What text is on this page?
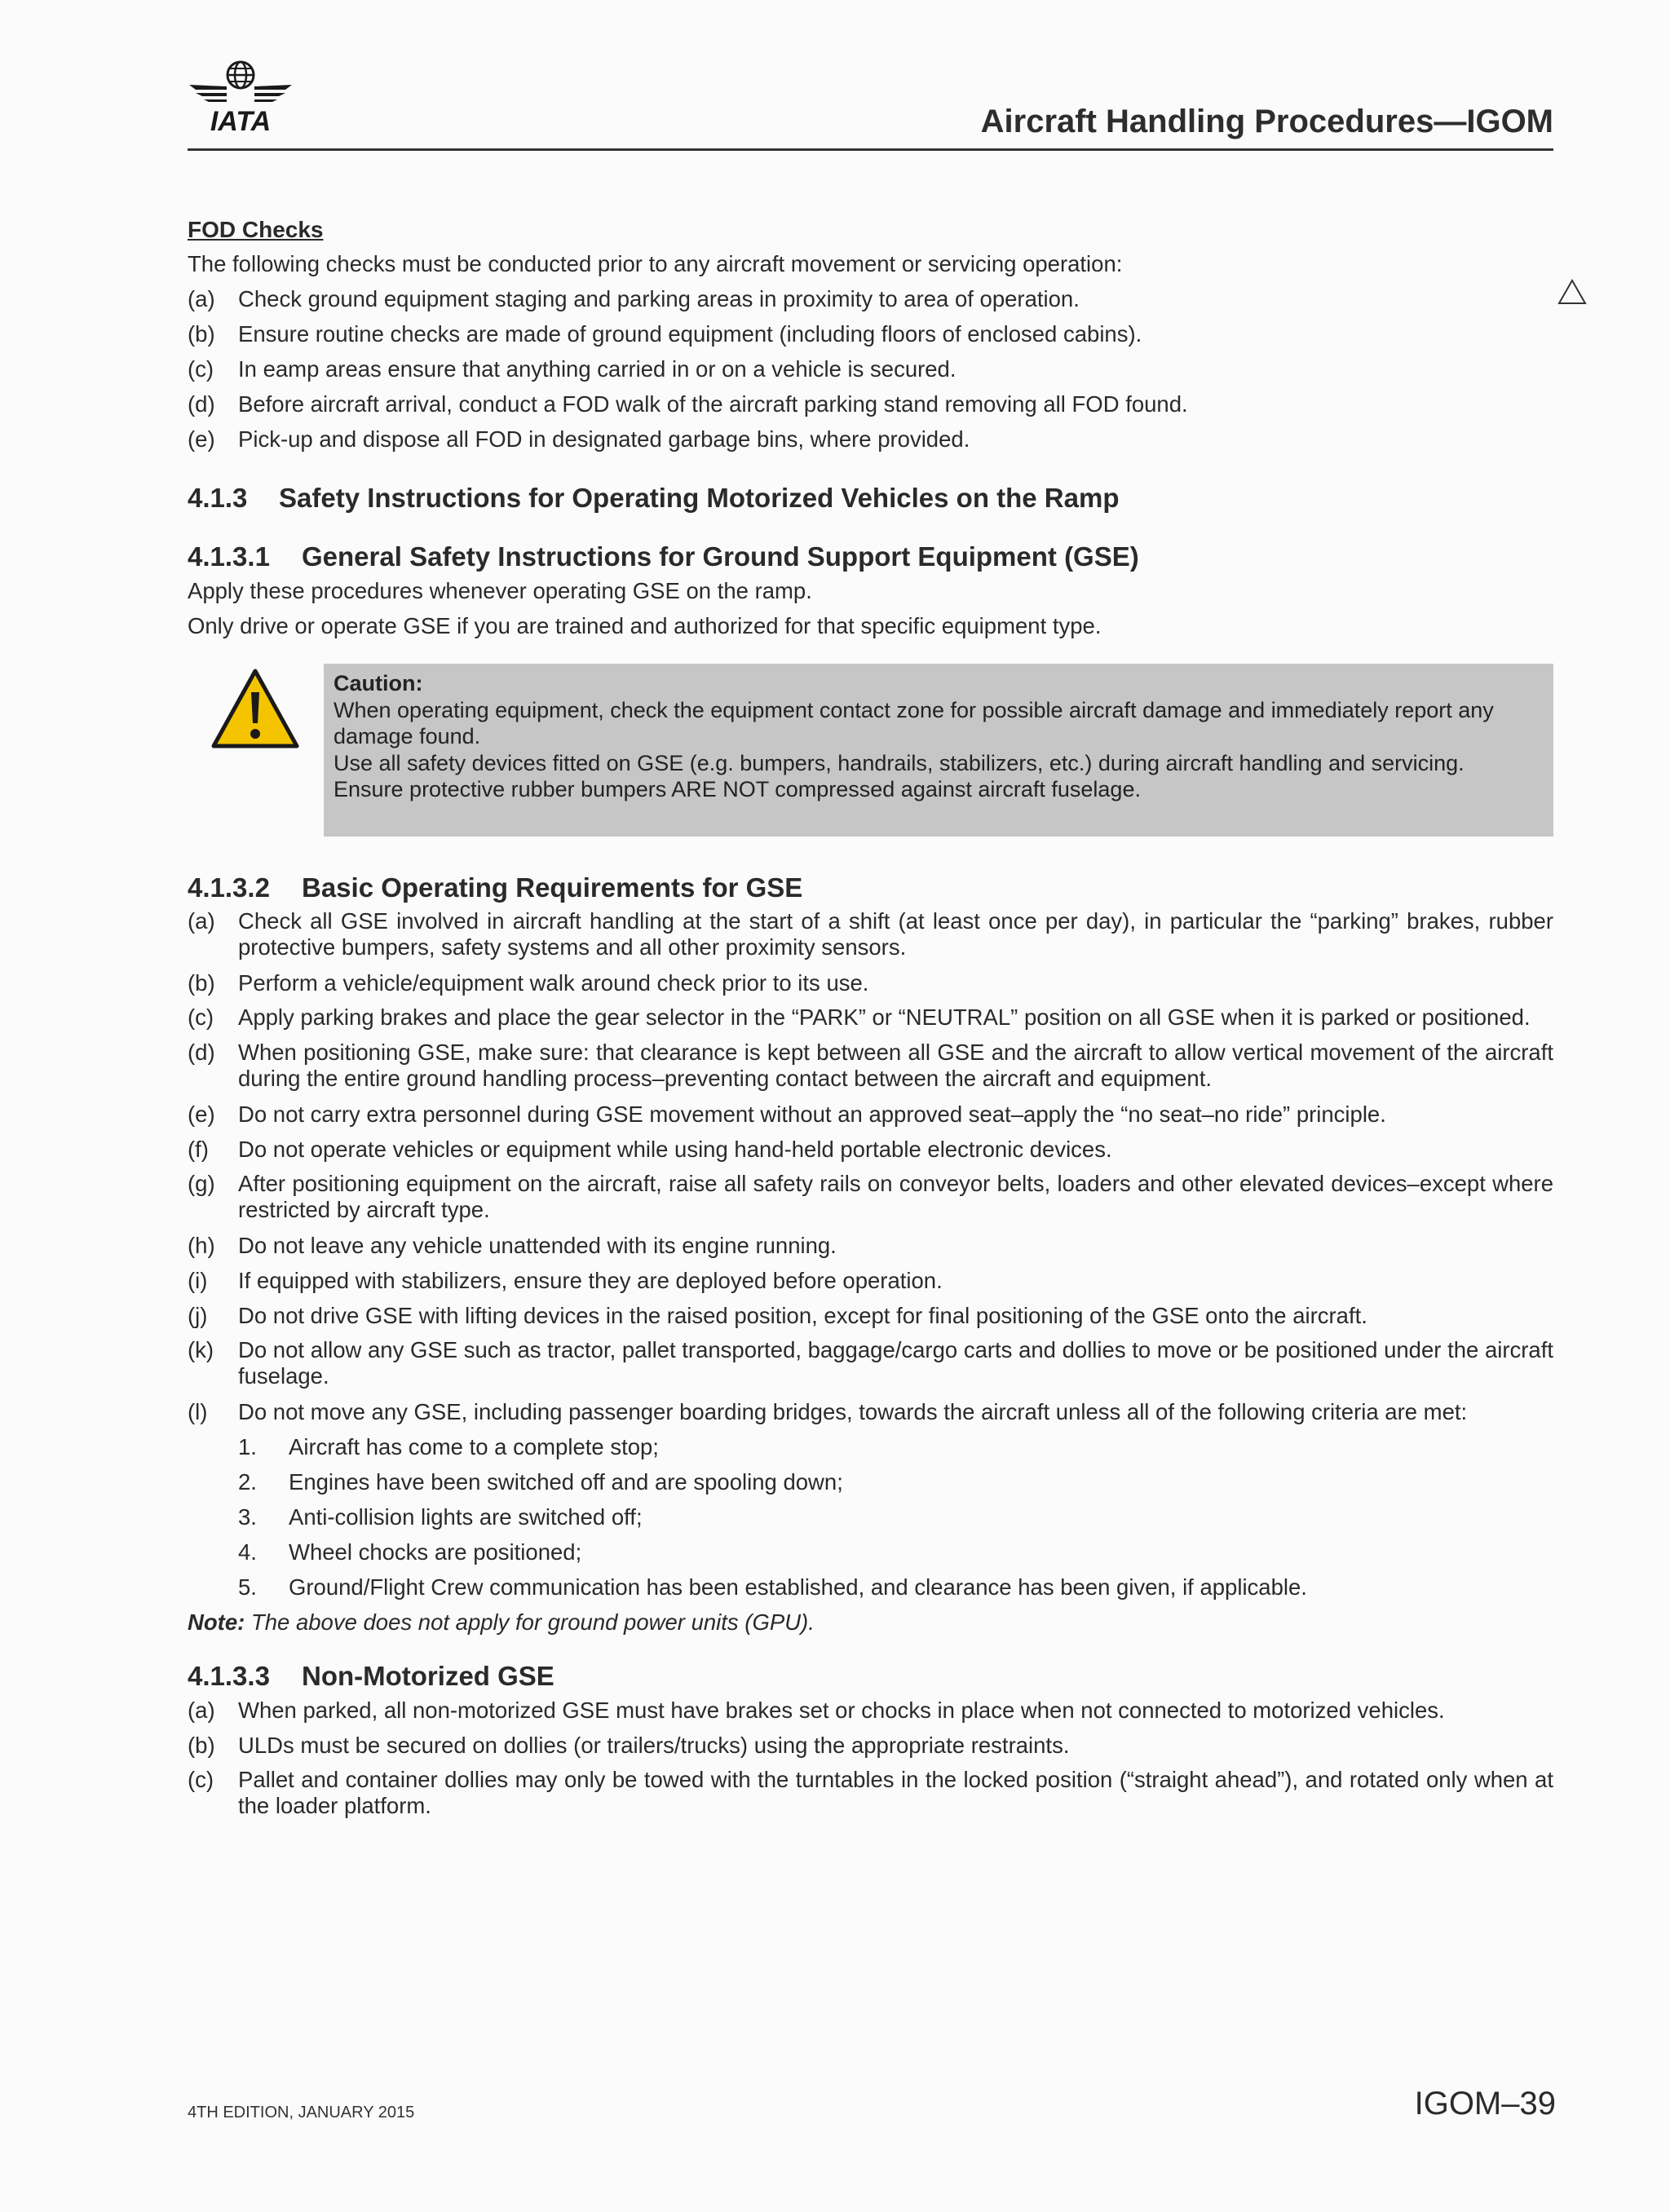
IATA	Aircraft Handling Procedures—IGOM
FOD Checks

The following checks must be conducted prior to any aircraft movement or servicing operation:

(a)	Check ground equipment staging and parking areas in proximity to area of operation.
(b)	Ensure routine checks are made of ground equipment (including floors of enclosed cabins).
(c)	In eamp areas ensure that anything carried in or on a vehicle is secured.
(d)	Before aircraft arrival, conduct a FOD walk of the aircraft parking stand removing all FOD found.
(e)	Pick-up and dispose all FOD in designated garbage bins, where provided.
4.1.3 Safety Instructions for Operating Motorized Vehicles on the Ramp
4.1.3.1 General Safety Instructions for Ground Support Equipment (GSE)

Apply these procedures whenever operating GSE on the ramp.

Only drive or operate GSE if you are trained and authorized for that specific equipment type.

Caution:
When operating equipment, check the equipment contact zone for possible aircraft damage and immediately report any damage found.
Use all safety devices fitted on GSE (e.g. bumpers, handrails, stabilizers, etc.) during aircraft handling and servicing.
Ensure protective rubber bumpers ARE NOT compressed against aircraft fuselage.
4.1.3.2 Basic Operating Requirements for GSE
(a)	Check all GSE involved in aircraft handling at the start of a shift (at least once per day), in particular the “parking” brakes, rubber protective bumpers, safety systems and all other proximity sensors.
(b)	Perform a vehicle/equipment walk around check prior to its use.
(c)	Apply parking brakes and place the gear selector in the “PARK” or “NEUTRAL” position on all GSE when it is parked or positioned.
(d)	When positioning GSE, make sure: that clearance is kept between all GSE and the aircraft to allow vertical movement of the aircraft during the entire ground handling process–preventing contact between the aircraft and equipment.
(e)	Do not carry extra personnel during GSE movement without an approved seat–apply the “no seat–no ride” principle.
(f)	Do not operate vehicles or equipment while using hand-held portable electronic devices.
(g)	After positioning equipment on the aircraft, raise all safety rails on conveyor belts, loaders and other elevated devices–except where restricted by aircraft type.
(h)	Do not leave any vehicle unattended with its engine running.
(i)	If equipped with stabilizers, ensure they are deployed before operation.
(j)	Do not drive GSE with lifting devices in the raised position, except for final positioning of the GSE onto the aircraft.
(k)	Do not allow any GSE such as tractor, pallet transported, baggage/cargo carts and dollies to move or be positioned under the aircraft fuselage.
(l)	Do not move any GSE, including passenger boarding bridges, towards the aircraft unless all of the following criteria are met:
1.	Aircraft has come to a complete stop;
2.	Engines have been switched off and are spooling down;
3.	Anti-collision lights are switched off;
4.	Wheel chocks are positioned;
5.	Ground/Flight Crew communication has been established, and clearance has been given, if applicable.

Note: The above does not apply for ground power units (GPU).

4.1.3.3 Non-Motorized GSE
(a)	When parked, all non-motorized GSE must have brakes set or chocks in place when not connected to motorized vehicles.
(b)	ULDs must be secured on dollies (or trailers/trucks) using the appropriate restraints.
(c)	Pallet and container dollies may only be towed with the turntables in the locked position (“straight ahead”), and rotated only when at the loader platform.
4TH EDITION, JANUARY 2015	IGOM–39
